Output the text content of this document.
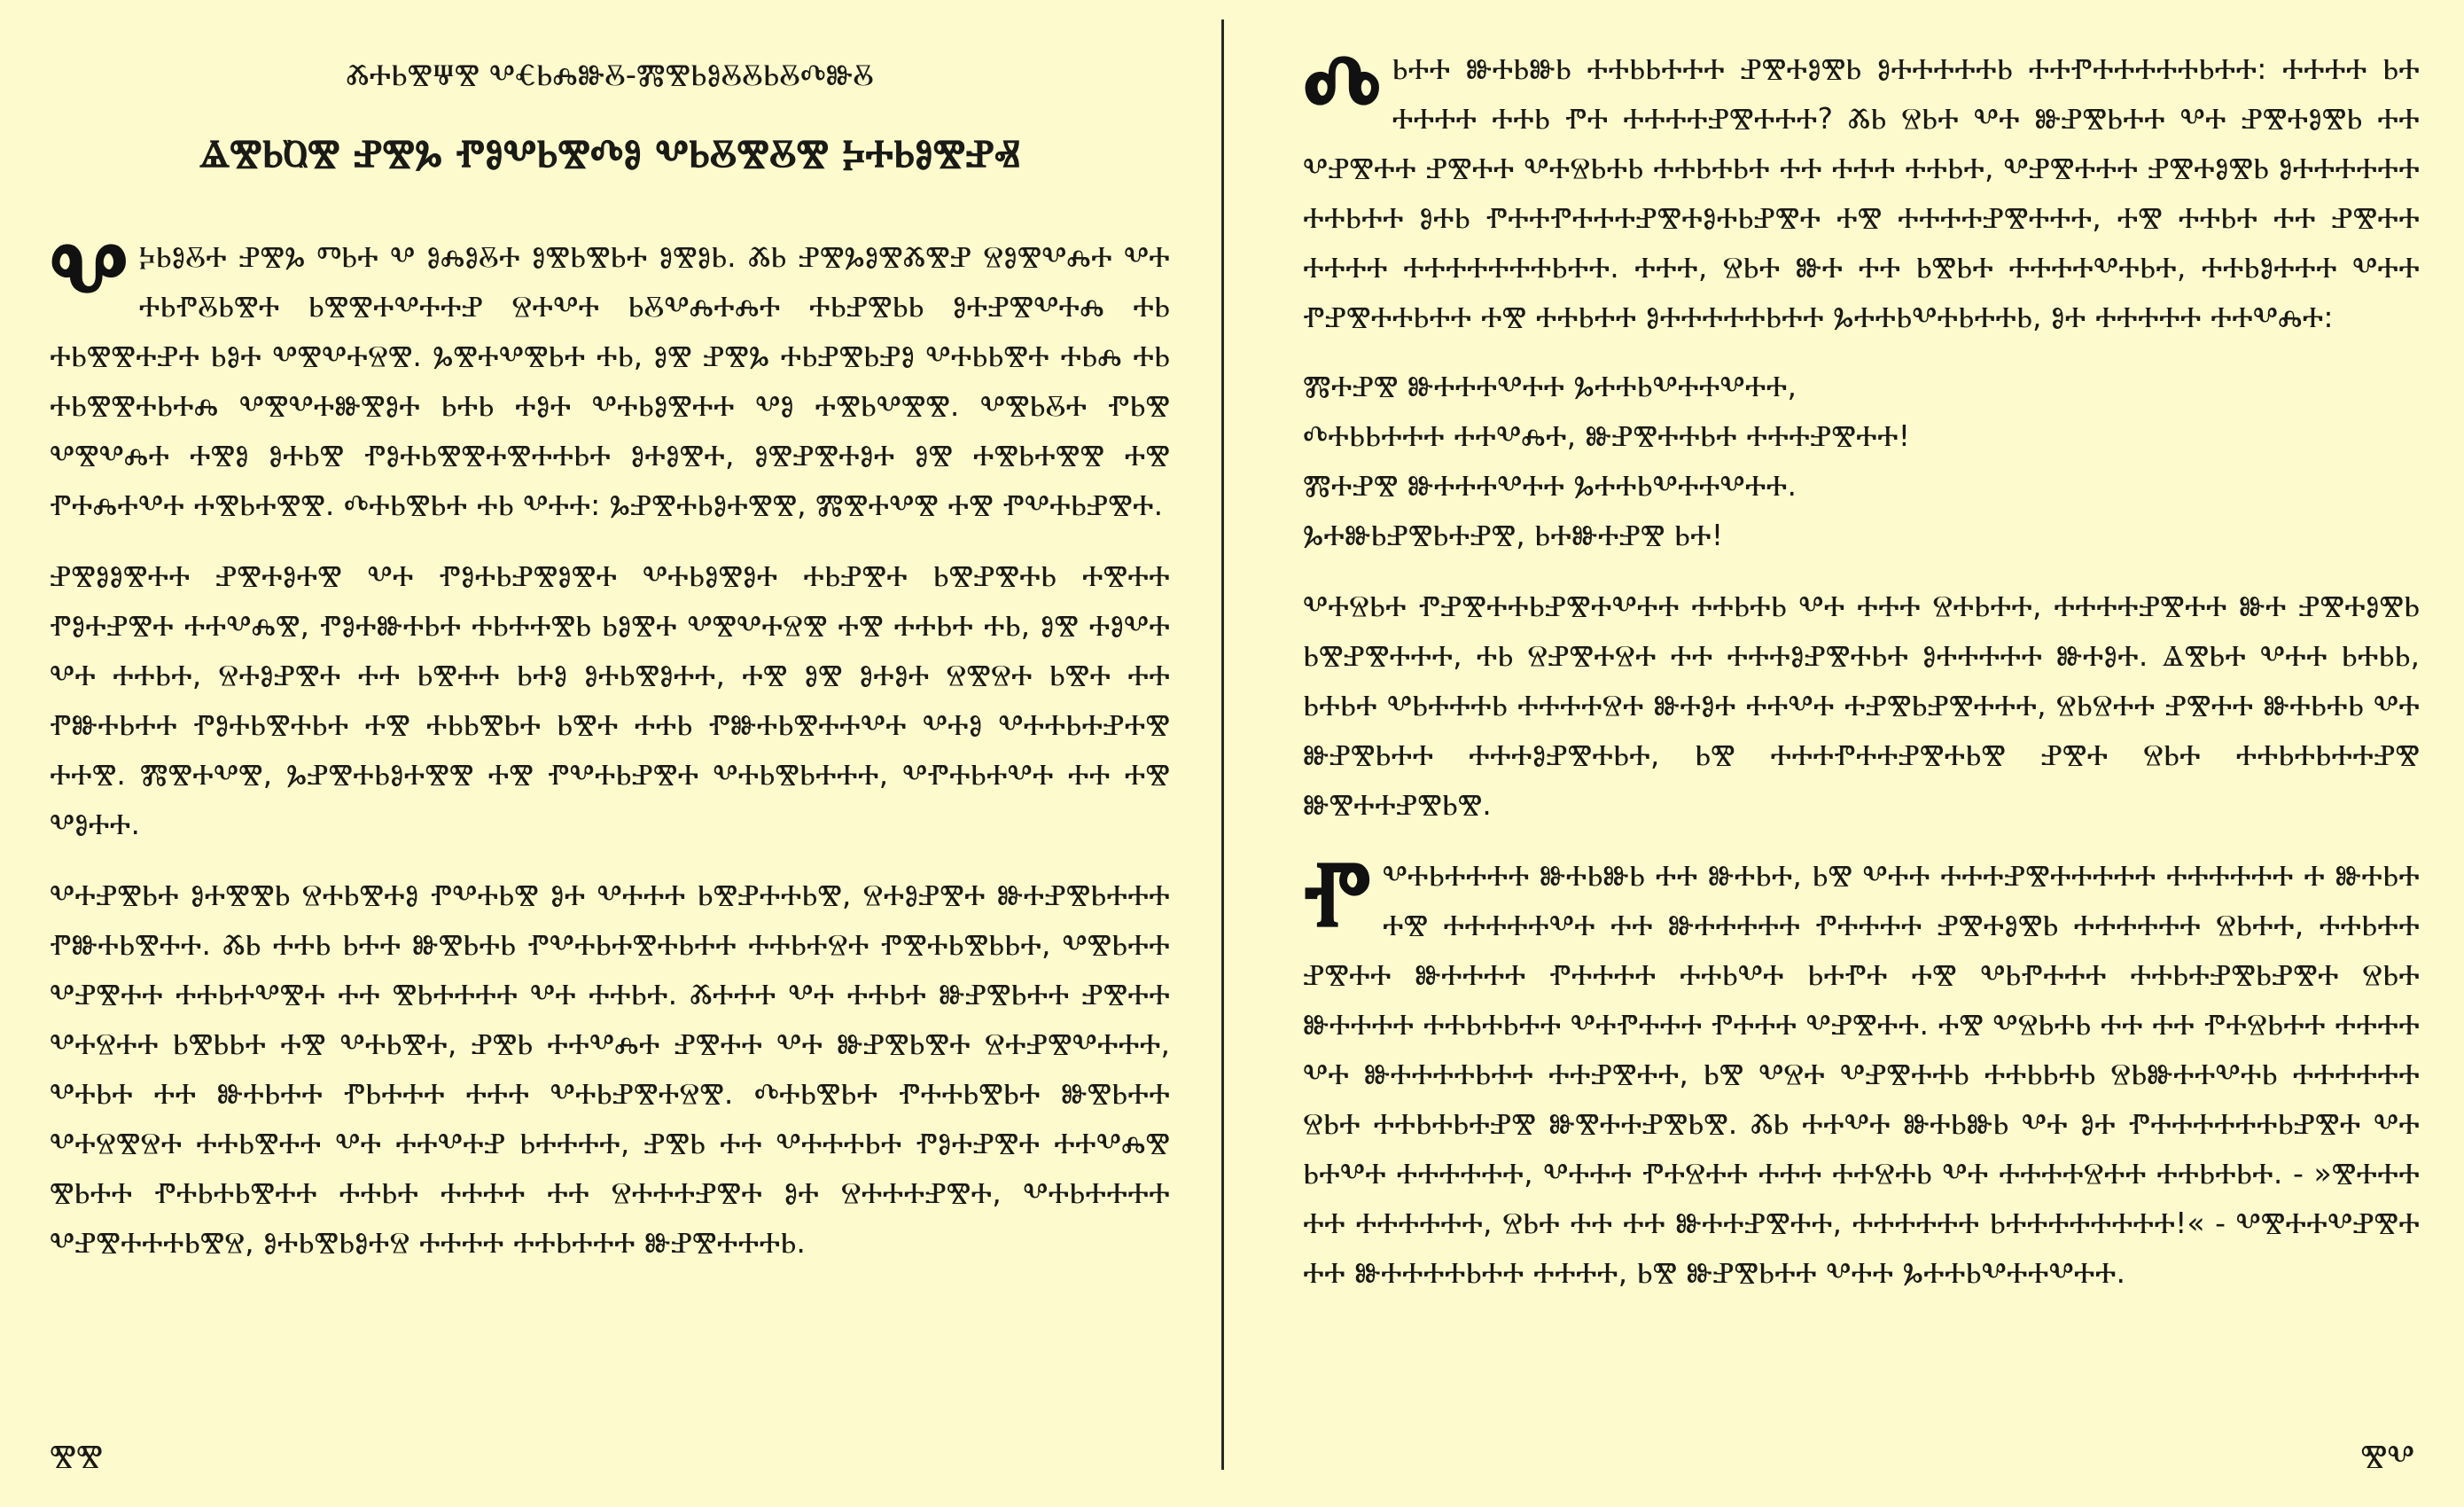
ⰆⰀⰓⰊⰛⰊ ⰂⰤⰓⰎⰖⰋ-ⰏⰊⰓⰑⰋⰋⰓⰋⰄⰖⰋ
ⰡⰊⰓⰢⰊ ⰐⰊⰃ ⰒⰑⰂⰓⰊⰄⰑ ⰂⰓⰋⰊⰋⰊ ⰍⰀⰓⰑⰊⰐⰟ
Ⰲ ⰍⰓⰑⰋⰀ ⰐⰊⰃ ⰕⰓⰀ Ⰲ ⰑⰎⰑⰋⰀ ⰑⰊⰓⰊⰓⰀ ⰑⰊⰑⰓ. ⰆⰓ ⰐⰊⰃⰑⰊⰆⰊⰐ ⰔⰑⰊⰂⰎⰀ ⰂⰀ ⰀⰓⰒⰋⰓⰊⰀ ⰓⰊⰊⰀⰂⰀⰀⰐ ⰔⰀⰂⰀ ⰓⰋⰂⰎⰀⰎⰀ ⰀⰓⰐⰊⰓⰓ ⰑⰀⰐⰊⰂⰀⰎ ⰀⰓ ⰀⰓⰊⰊⰀⰐⰀ ⰓⰑⰀ ⰂⰊⰂⰀⰔⰊ. ⰃⰊⰀⰂⰊⰓⰀ ⰀⰓ, ⰑⰊ ⰐⰊⰃ ⰀⰓⰐⰊⰓⰐⰑ ⰂⰀⰓⰓⰊⰀ ⰀⰓⰎ ⰀⰓ ⰀⰓⰊⰊⰀⰓⰀⰎ ⰂⰊⰂⰀⰖⰊⰑⰀ ⰓⰀⰓ ⰀⰑⰀ ⰂⰀⰓⰑⰊⰀⰀ ⰂⰑ ⰀⰊⰓⰂⰊⰊ. ⰂⰊⰓⰋⰀ ⰒⰓⰊ ⰂⰊⰂⰎⰀ ⰀⰊⰑ ⰑⰀⰓⰊ ⰒⰑⰀⰓⰊⰊⰀⰊⰀⰀⰓⰀ ⰑⰀⰑⰊⰀ, ⰑⰊⰐⰊⰀⰑⰀ ⰑⰊ ⰀⰊⰓⰀⰊⰊ ⰀⰊ ⰒⰀⰎⰀⰂⰀ ⰀⰊⰓⰀⰊⰊ. ⰄⰀⰓⰊⰓⰀ ⰀⰓ ⰂⰀⰀ: ⰃⰐⰊⰀⰓⰑⰀⰊⰊ, ⰏⰊⰀⰂⰊ ⰀⰊ ⰒⰂⰀⰓⰐⰊⰀ.

ⰐⰊⰑⰑⰊⰀⰀ ⰐⰊⰀⰑⰀⰊ ⰂⰀ ⰒⰑⰀⰓⰐⰊⰑⰊⰀ ⰂⰀⰓⰑⰊⰑⰀ ⰀⰓⰐⰊⰀ ⰓⰊⰐⰊⰀⰓ ⰀⰊⰀⰀ ⰒⰑⰀⰐⰊⰀ ⰀⰀⰂⰎⰊ, ⰒⰑⰀⰖⰀⰓⰀ ⰀⰓⰀⰀⰊⰓ ⰓⰑⰊⰀ ⰂⰊⰂⰀⰔⰊ ⰀⰊ ⰀⰀⰓⰀ ⰀⰓ, ⰑⰊ ⰀⰑⰂⰀ ⰂⰀ ⰀⰀⰓⰀ, ⰔⰀⰑⰐⰊⰀ ⰀⰀ ⰓⰊⰀⰀ ⰓⰀⰑ ⰑⰀⰓⰊⰑⰀⰀ, ⰀⰊ ⰑⰊ ⰑⰀⰑⰀ ⰔⰊⰔⰀ ⰓⰊⰀ ⰀⰀ ⰒⰖⰀⰓⰀⰀ ⰒⰑⰀⰓⰊⰀⰓⰀ ⰀⰊ ⰀⰓⰓⰊⰓⰀ ⰓⰊⰀ ⰀⰀⰓ ⰒⰖⰀⰓⰊⰀⰀⰂⰀ ⰂⰀⰑ ⰂⰀⰀⰓⰀⰐⰀⰊ ⰀⰀⰊ. ⰏⰊⰀⰂⰊ, ⰃⰐⰊⰀⰓⰑⰀⰊⰊ ⰀⰊ ⰒⰂⰀⰓⰐⰊⰀ ⰂⰀⰓⰊⰓⰀⰀⰀ, ⰂⰒⰀⰓⰀⰂⰀ ⰀⰀ ⰀⰊ ⰂⰑⰀⰀ.

ⰂⰀⰐⰊⰓⰀ ⰑⰀⰊⰊⰓ ⰔⰀⰓⰊⰀⰑ ⰒⰂⰀⰓⰊ ⰑⰀ ⰂⰀⰀⰀ ⰓⰊⰐⰀⰀⰓⰊ, ⰔⰀⰑⰐⰊⰀ ⰖⰀⰐⰊⰓⰀⰀⰀ ⰒⰖⰀⰓⰊⰀⰀ. ⰆⰓ ⰀⰀⰓ ⰓⰀⰀ ⰖⰊⰓⰀⰓ ⰒⰂⰀⰓⰀⰊⰀⰓⰀⰀ ⰀⰀⰓⰀⰔⰀ ⰒⰊⰀⰓⰊⰓⰓⰀ, ⰂⰊⰓⰀⰀ ⰂⰐⰊⰀⰀ ⰀⰀⰓⰀⰂⰊⰀ ⰀⰀ ⰊⰓⰀⰀⰀⰀ ⰂⰀ ⰀⰀⰓⰀ. ⰆⰀⰀⰀ ⰂⰀ ⰀⰀⰓⰀ ⰖⰐⰊⰓⰀⰀ ⰐⰊⰀⰀ ⰂⰀⰔⰀⰀ ⰓⰊⰓⰓⰀ ⰀⰊ ⰂⰀⰓⰊⰀ, ⰐⰊⰓ ⰀⰀⰂⰎⰀ ⰐⰊⰀⰀ ⰂⰀ ⰖⰐⰊⰓⰊⰀ ⰔⰀⰐⰊⰂⰀⰀⰀ, ⰂⰀⰓⰀ ⰀⰀ ⰖⰀⰓⰀⰀ ⰒⰓⰀⰀⰀ ⰀⰀⰀ ⰂⰀⰓⰐⰊⰀⰔⰊ. ⰄⰀⰓⰊⰓⰀ ⰒⰀⰀⰓⰊⰓⰀ ⰖⰊⰓⰀⰀ ⰂⰀⰔⰊⰔⰀ ⰀⰀⰓⰊⰀⰀ ⰂⰀ ⰀⰀⰂⰀⰐ ⰓⰀⰀⰀⰀ, ⰐⰊⰓ ⰀⰀ ⰂⰀⰀⰀⰓⰀ ⰒⰑⰀⰐⰊⰀ ⰀⰀⰂⰎⰊ ⰊⰓⰀⰀ ⰒⰀⰓⰀⰓⰊⰀⰀ ⰀⰀⰓⰀ ⰀⰀⰀⰀ ⰀⰀ ⰔⰀⰀⰀⰐⰊⰀ ⰑⰀ ⰔⰀⰀⰀⰐⰊⰀ, ⰂⰀⰓⰀⰀⰀⰀ ⰂⰐⰊⰀⰀⰀⰓⰊⰔ, ⰑⰀⰓⰊⰓⰑⰀⰔ ⰀⰀⰀⰀ ⰀⰀⰓⰀⰀⰀ ⰖⰐⰊⰀⰀⰀⰓ.

ⰊⰊ
Ⰴ ⰓⰀⰀ ⰖⰀⰓⰖⰓ ⰀⰀⰓⰓⰀⰀⰀ ⰐⰊⰀⰑⰊⰓ ⰑⰀⰀⰀⰀⰀⰓ ⰀⰀⰒⰀⰀⰀⰀⰀⰓⰀⰀ: ⰀⰀⰀⰀ ⰓⰀ ⰀⰀⰀⰀ ⰀⰀⰓ ⰒⰀ ⰀⰀⰀⰀⰐⰊⰀⰀⰀ? ⰆⰓ ⰔⰓⰀ ⰂⰀ ⰖⰐⰊⰓⰀⰀ ⰂⰀ ⰐⰊⰀⰑⰊⰓ ⰀⰀ ⰂⰐⰊⰀⰀ ⰐⰊⰀⰀ ⰂⰀⰔⰓⰀⰓ ⰀⰀⰓⰀⰓⰀ ⰀⰀ ⰀⰀⰀ ⰀⰀⰓⰀ, ⰂⰐⰊⰀⰀⰀ ⰐⰊⰀⰑⰊⰓ ⰑⰀⰀⰀⰀⰀⰀ ⰀⰀⰓⰀⰀ ⰑⰀⰓ ⰒⰀⰀⰒⰀⰀⰀⰐⰊⰀⰑⰀⰓⰐⰊⰀ ⰀⰊ ⰀⰀⰀⰀⰐⰊⰀⰀⰀ, ⰀⰊ ⰀⰀⰓⰀ ⰀⰀ ⰐⰊⰀⰀ ⰀⰀⰀⰀ ⰀⰀⰀⰀⰀⰀⰀⰓⰀⰀ. ⰀⰀⰀ, ⰔⰓⰀ ⰖⰀ ⰀⰀ ⰓⰊⰓⰀ ⰀⰀⰀⰀⰂⰀⰓⰀ, ⰀⰀⰓⰑⰀⰀⰀ ⰂⰀⰀ ⰒⰐⰊⰀⰀⰓⰀⰀ ⰀⰊ ⰀⰀⰓⰀⰀ ⰑⰀⰀⰀⰀⰀⰓⰀⰀ ⰃⰀⰀⰓⰂⰀⰓⰀⰀⰓ, ⰑⰀ ⰀⰀⰀⰀⰀ ⰀⰀⰂⰎⰀ:

ⰏⰀⰐⰊ ⰖⰀⰀⰀⰂⰀⰀ ⰃⰀⰀⰓⰂⰀⰀⰂⰀⰀ,
ⰄⰀⰓⰓⰀⰀⰀ ⰀⰀⰂⰎⰀ, ⰖⰐⰊⰀⰀⰓⰀ ⰀⰀⰀⰐⰊⰀⰀ!
ⰏⰀⰐⰊ ⰖⰀⰀⰀⰂⰀⰀ ⰃⰀⰀⰓⰂⰀⰀⰂⰀⰀ.
ⰃⰀⰖⰓⰐⰊⰓⰀⰐⰊ, ⰓⰀⰖⰀⰐⰊ ⰓⰀ!

ⰂⰀⰔⰓⰀ ⰒⰐⰊⰀⰀⰓⰐⰊⰀⰂⰀⰀ ⰀⰀⰓⰀⰓ ⰂⰀ ⰀⰀⰀ ⰔⰀⰓⰀⰀ, ⰀⰀⰀⰀⰐⰊⰀⰀ ⰖⰀ ⰐⰊⰀⰑⰊⰓ ⰓⰊⰐⰊⰀⰀⰀ, ⰀⰓ ⰔⰐⰊⰀⰔⰀ ⰀⰀ ⰀⰀⰀⰑⰐⰊⰀⰓⰀ ⰑⰀⰀⰀⰀⰀ ⰖⰀⰑⰀ. ⰡⰊⰓⰀ ⰂⰀⰀ ⰓⰀⰓⰓ, ⰓⰀⰓⰀ ⰂⰓⰀⰀⰀⰓ ⰀⰀⰀⰀⰔⰀ ⰖⰀⰑⰀ ⰀⰀⰂⰀ ⰀⰐⰊⰓⰐⰊⰀⰀⰀ, ⰔⰓⰔⰀⰀ ⰐⰊⰀⰀ ⰖⰀⰓⰀⰓ ⰂⰀ ⰖⰐⰊⰓⰀⰀ ⰀⰀⰀⰑⰐⰊⰀⰓⰀ, ⰓⰊ ⰀⰀⰀⰒⰀⰀⰐⰊⰀⰓⰊ ⰐⰊⰀ ⰔⰓⰀ ⰀⰀⰓⰀⰓⰀⰀⰐⰊ ⰖⰊⰀⰀⰐⰊⰓⰊ.

Ⱂ ⰂⰀⰓⰀⰀⰀⰀ ⰖⰀⰓⰖⰓ ⰀⰀ ⰖⰀⰓⰀ, ⰓⰊ ⰂⰀⰀ ⰀⰀⰀⰐⰊⰀⰀⰀⰀⰀ ⰀⰀⰀⰀⰀⰀ Ⰰ ⰖⰀⰓⰀ ⰀⰊ ⰀⰀⰀⰀⰀⰂⰀ ⰀⰀ ⰖⰀⰀⰀⰀⰀ ⰒⰀⰀⰀⰀ ⰐⰊⰀⰑⰊⰓ ⰀⰀⰀⰀⰀⰀ ⰔⰓⰀⰀ, ⰀⰀⰓⰀⰀ ⰐⰊⰀⰀ ⰖⰀⰀⰀⰀ ⰒⰀⰀⰀⰀ ⰀⰀⰓⰂⰀ ⰓⰀⰒⰀ ⰀⰊ ⰂⰓⰒⰀⰀⰀ ⰀⰀⰓⰀⰐⰊⰓⰐⰊⰀ ⰔⰓⰀ ⰖⰀⰀⰀⰀ ⰀⰀⰓⰀⰓⰀⰀ ⰂⰀⰒⰀⰀⰀ ⰒⰀⰀⰀ ⰂⰐⰊⰀⰀ. ⰀⰊ ⰂⰔⰓⰀⰓ ⰀⰀ ⰀⰀ ⰒⰀⰔⰓⰀⰀ ⰀⰀⰀⰀ ⰂⰀ ⰖⰀⰀⰀⰀⰓⰀⰀ ⰀⰀⰐⰊⰀⰀ, ⰓⰊ ⰂⰔⰀ ⰂⰐⰊⰀⰀⰓ ⰀⰀⰓⰓⰀⰓ ⰔⰓⰖⰀⰀⰂⰀⰓ ⰀⰀⰀⰀⰀⰀ ⰔⰓⰀ ⰀⰀⰓⰀⰓⰀⰐⰊ ⰖⰊⰀⰀⰐⰊⰓⰊ. ⰆⰓ ⰀⰀⰂⰀ ⰖⰀⰓⰖⰓ ⰂⰀ ⰑⰀ ⰒⰀⰀⰀⰀⰀⰀⰓⰐⰊⰀ ⰂⰀ ⰓⰀⰂⰀ ⰀⰀⰀⰀⰀⰀ, ⰂⰀⰀⰀ ⰒⰀⰔⰀⰀ ⰀⰀⰀ ⰀⰀⰔⰀⰓ ⰂⰀ ⰀⰀⰀⰀⰔⰀⰀ ⰀⰀⰓⰀⰓⰀ. - »ⰊⰀⰀⰀ ⰀⰀ ⰀⰀⰀⰀⰀⰀ, ⰔⰓⰀ ⰀⰀ ⰀⰀ ⰖⰀⰀⰐⰊⰀⰀ, ⰀⰀⰀⰀⰀⰀ ⰓⰀⰀⰀⰀⰀⰀⰀⰀ!« - ⰂⰊⰀⰀⰂⰐⰊⰀ ⰀⰀ ⰖⰀⰀⰀⰀⰓⰀⰀ ⰀⰀⰀⰀ, ⰓⰊ ⰖⰐⰊⰓⰀⰀ ⰂⰀⰀ ⰃⰀⰀⰓⰂⰀⰀⰂⰀⰀ.

ⰊⰂ
